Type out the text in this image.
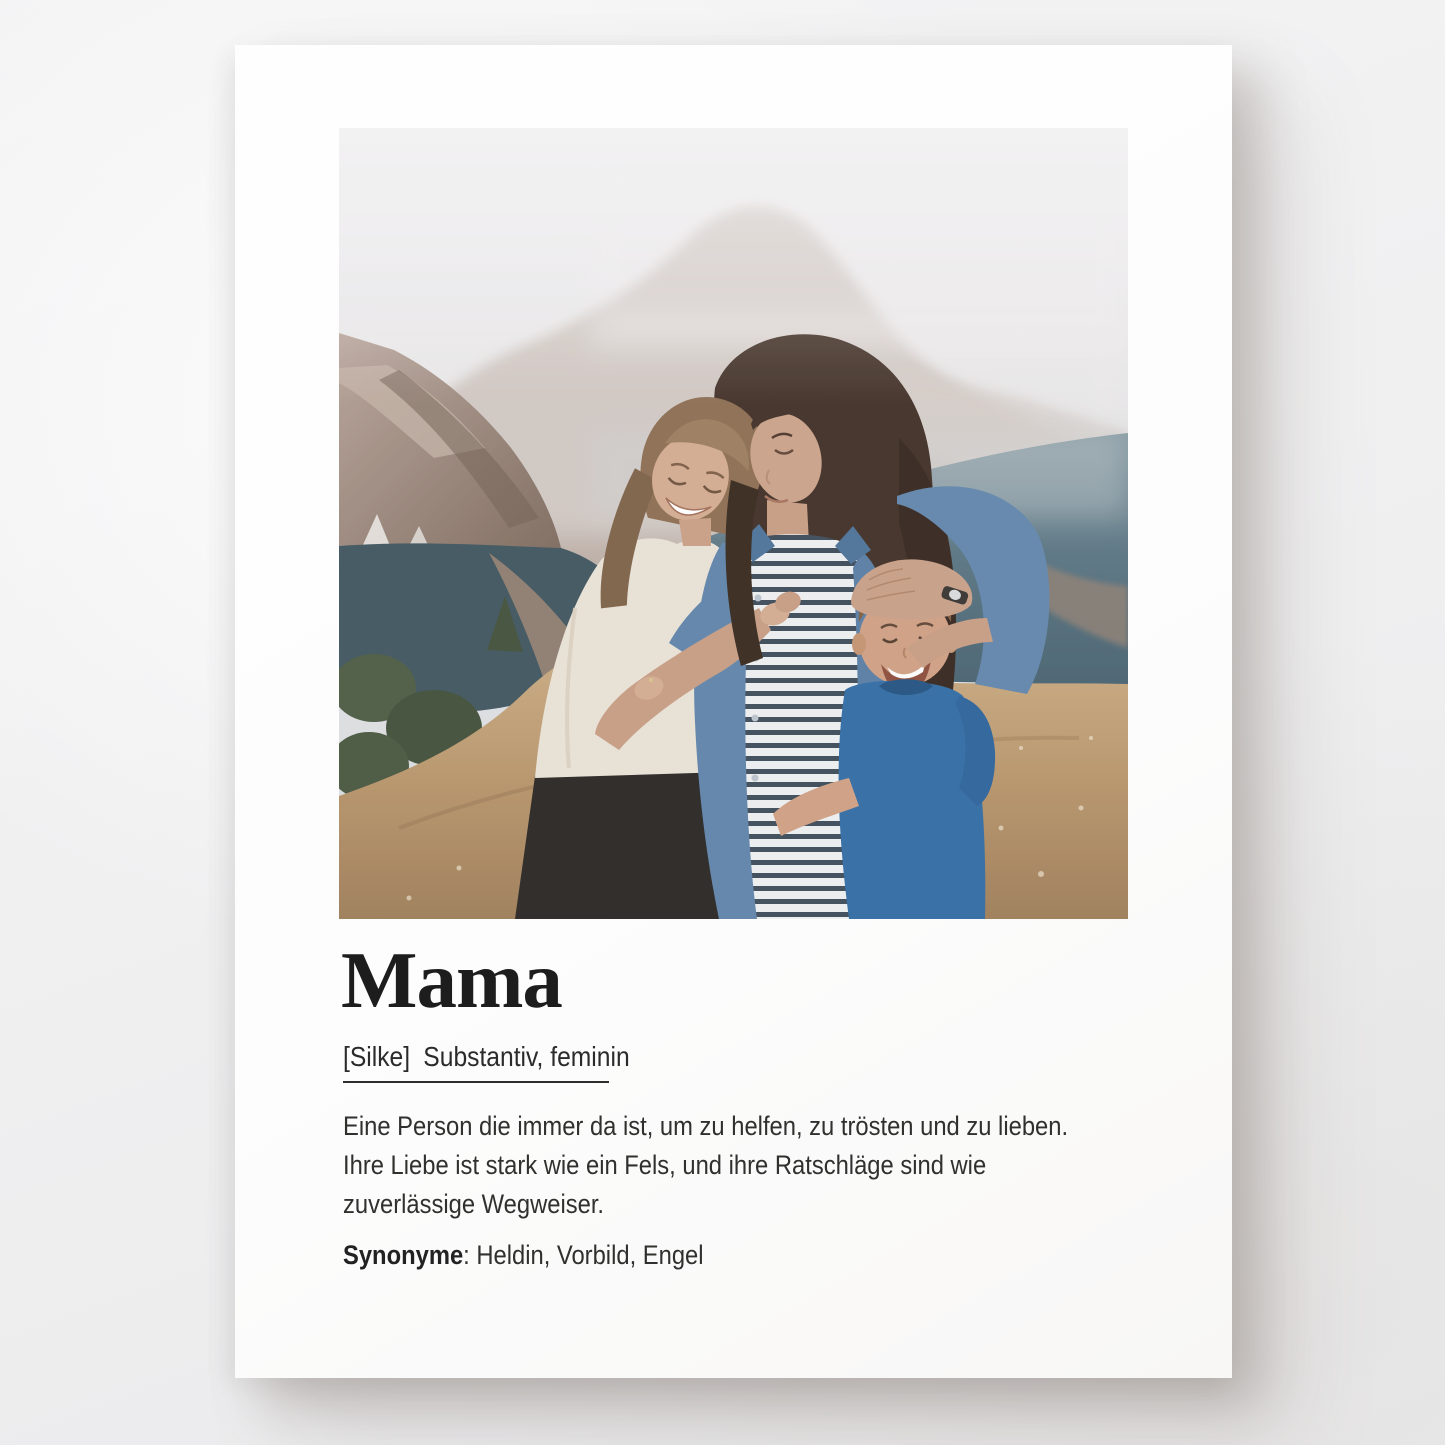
Mama
[Silke] Substantiv, feminin
Eine Person die immer da ist, um zu helfen, zu trösten und zu lieben.
Ihre Liebe ist stark wie ein Fels, und ihre Ratschläge sind wie
zuverlässige Wegweiser.
Synonyme: Heldin, Vorbild, Engel
